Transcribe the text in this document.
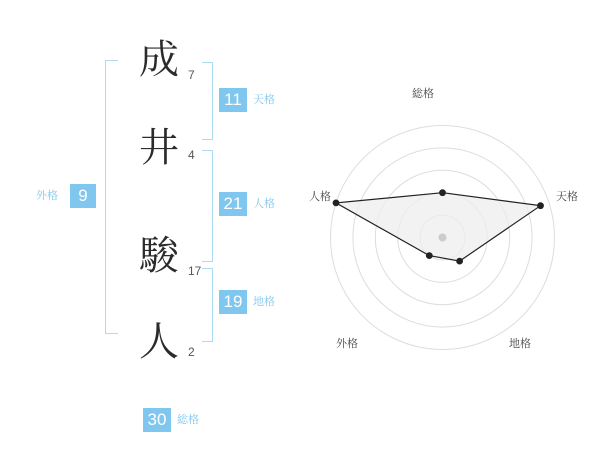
外格	9
成 7
井 4
駿 17
人 2
11	天格
21 人格
19 地格
30 総格
総格
天格
地格
外格
人格
